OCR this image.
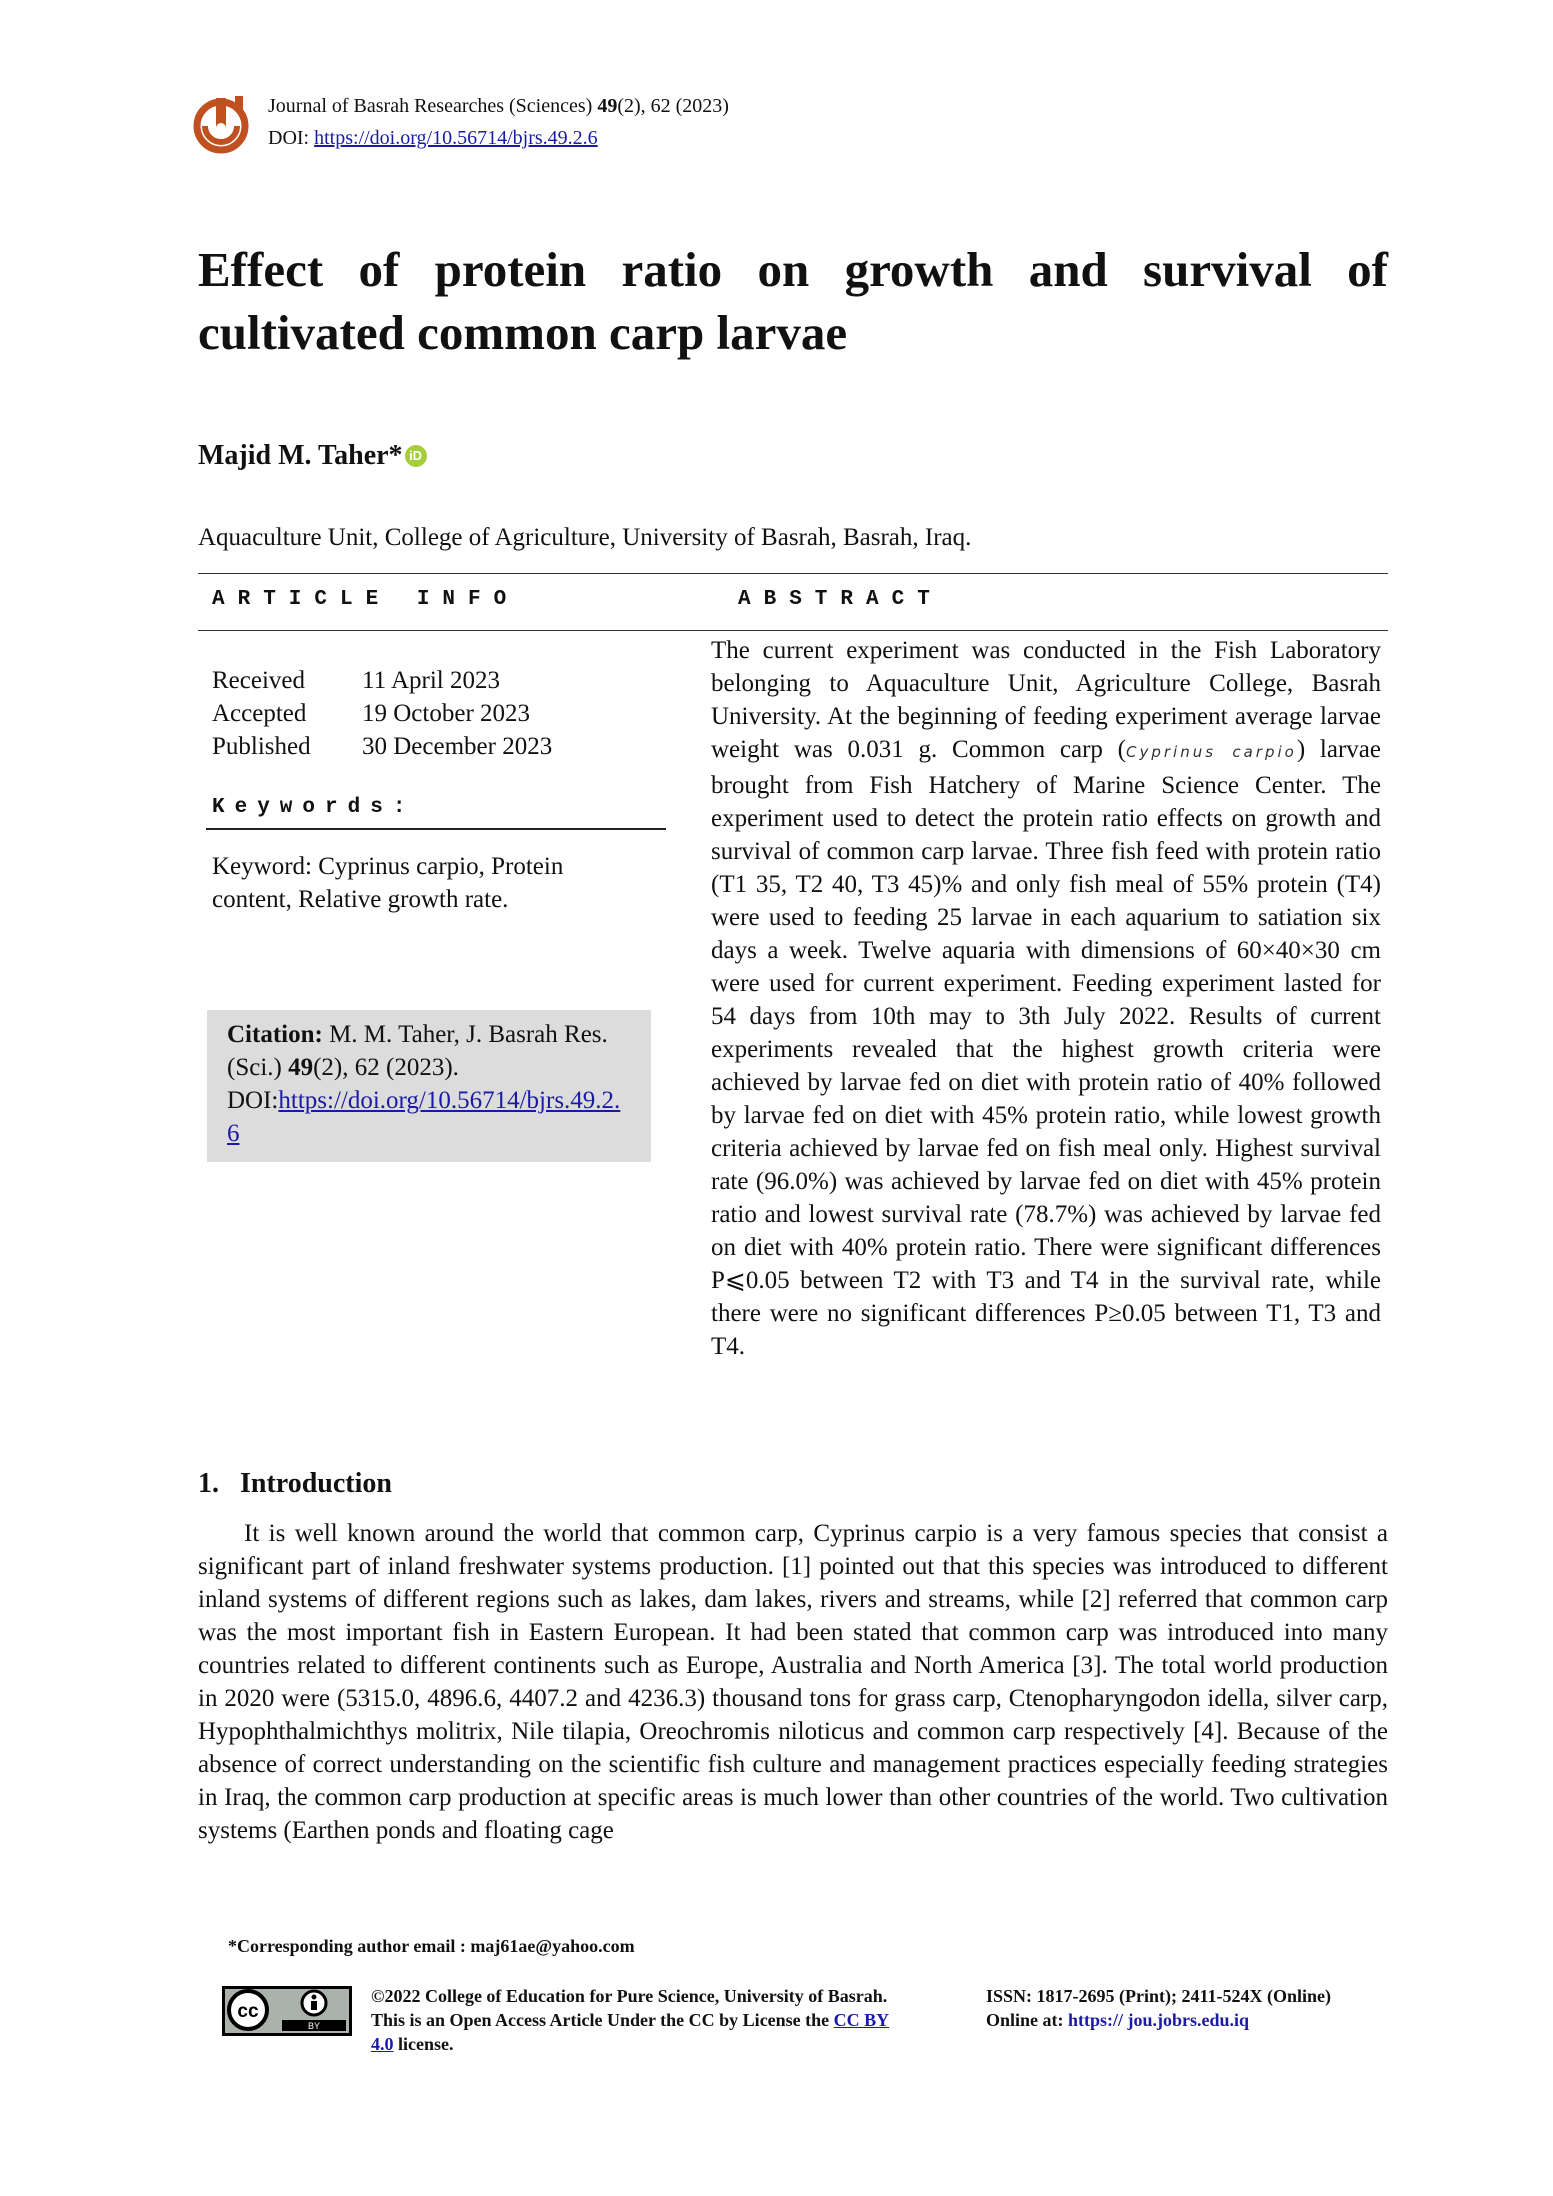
Journal of Basrah Researches (Sciences) 49(2), 62 (2023)
DOI: https://doi.org/10.56714/bjrs.49.2.6
Effect of protein ratio on growth and survival of cultivated common carp larvae
Majid M. Taher* iD
Aquaculture Unit, College of Agriculture, University of Basrah, Basrah, Iraq.
ARTICLE INFO	ABSTRACT
Received	11 April 2023
Accepted	19 October 2023
Published	30 December 2023
Keywords:
Keyword: Cyprinus carpio, Protein content, Relative growth rate.
Citation: M. M. Taher, J. Basrah Res. (Sci.) 49(2), 62 (2023).
DOI:https://doi.org/10.56714/bjrs.49.2.6
The current experiment was conducted in the Fish Laboratory belonging to Aquaculture Unit, Agriculture College, Basrah University. At the beginning of feeding experiment average larvae weight was 0.031 g. Common carp (Cyprinus carpio) larvae brought from Fish Hatchery of Marine Science Center. The experiment used to detect the protein ratio effects on growth and survival of common carp larvae. Three fish feed with protein ratio (T1 35, T2 40, T3 45)% and only fish meal of 55% protein (T4) were used to feeding 25 larvae in each aquarium to satiation six days a week. Twelve aquaria with dimensions of 60×40×30 cm were used for current experiment. Feeding experiment lasted for 54 days from 10th may to 3th July 2022. Results of current experiments revealed that the highest growth criteria were achieved by larvae fed on diet with protein ratio of 40% followed by larvae fed on diet with 45% protein ratio, while lowest growth criteria achieved by larvae fed on fish meal only. Highest survival rate (96.0%) was achieved by larvae fed on diet with 45% protein ratio and lowest survival rate (78.7%) was achieved by larvae fed on diet with 40% protein ratio. There were significant differences P⩽0.05 between T2 with T3 and T4 in the survival rate, while there were no significant differences P≥0.05 between T1, T3 and T4.
1.   Introduction
It is well known around the world that common carp, Cyprinus carpio is a very famous species that consist a significant part of inland freshwater systems production. [1] pointed out that this species was introduced to different inland systems of different regions such as lakes, dam lakes, rivers and streams, while [2] referred that common carp was the most important fish in Eastern European. It had been stated that common carp was introduced into many countries related to different continents such as Europe, Australia and North America [3]. The total world production in 2020 were (5315.0, 4896.6, 4407.2 and 4236.3) thousand tons for grass carp, Ctenopharyngodon idella, silver carp, Hypophthalmichthys molitrix, Nile tilapia, Oreochromis niloticus and common carp respectively [4]. Because of the absence of correct understanding on the scientific fish culture and management practices especially feeding strategies in Iraq, the common carp production at specific areas is much lower than other countries of the world. Two cultivation systems (Earthen ponds and floating cage
*Corresponding author email : maj61ae@yahoo.com
cc
BY
©2022 College of Education for Pure Science, University of Basrah. This is an Open Access Article Under the CC by License the CC BY 4.0 license.
ISSN: 1817-2695 (Print); 2411-524X (Online)
Online at: https:// jou.jobrs.edu.iq
